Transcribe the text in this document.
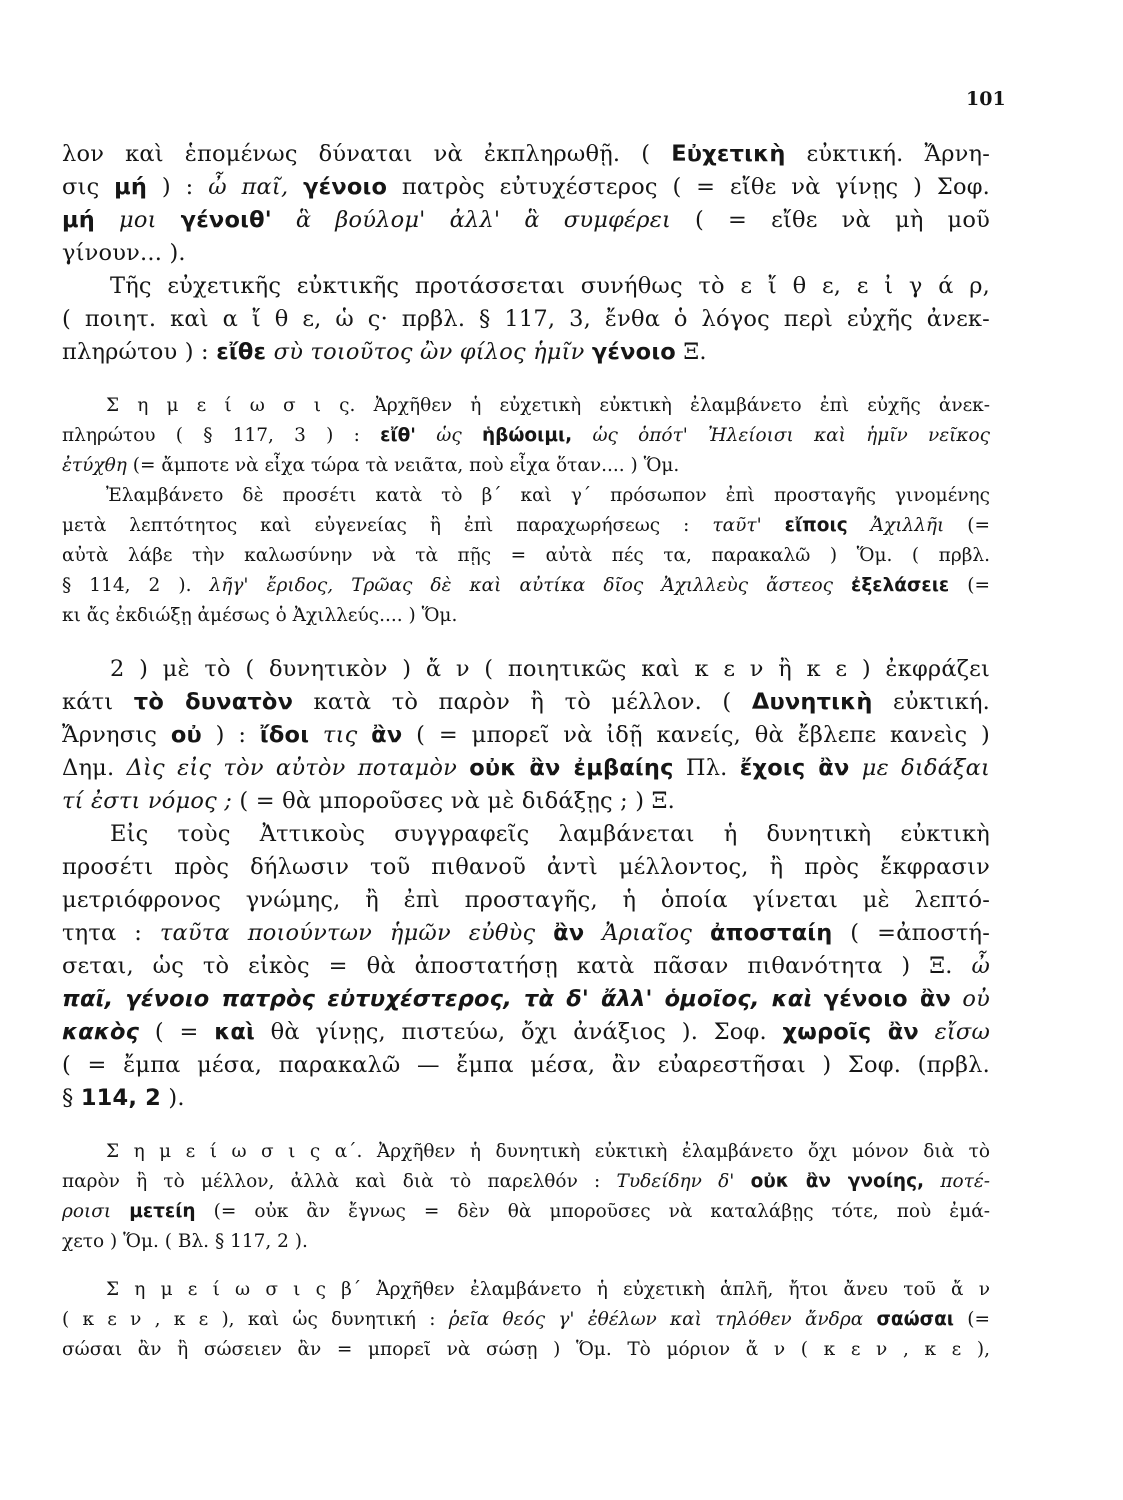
101
λον καὶ ἑπομένως δύναται νὰ ἐκπληρωθῇ. ( Εὐχετικὴ εὐκτική. Ἄρνη-
σις μή ) : ὦ παῖ, γένοιο πατρὸς εὐτυχέστερος ( = εἴθε νὰ γίνῃς ) Σοφ.
μή μοι γένοιθ' ἃ βούλομ' ἀλλ' ἃ συμφέρει ( = εἴθε νὰ μὴ μοῦ
γίνουν... ).
Τῆς εὐχετικῆς εὐκτικῆς προτάσσεται συνήθως τὸ ε ἴ θ ε, ε ἰ γ ά ρ,
( ποιητ. καὶ α ἴ θ ε, ὡ ς· πρβλ. § 117, 3, ἔνθα ὁ λόγος περὶ εὐχῆς ἀνεκ-
πληρώτου ) : εἴθε σὺ τοιοῦτος ὢν φίλος ἡμῖν γένοιο Ξ.
Σ η μ ε ί ω σ ι ς. Ἀρχῆθεν ἡ εὐχετικὴ εὐκτικὴ ἐλαμβάνετο ἐπὶ εὐχῆς ἀνεκ-
πληρώτου ( § 117, 3 ) : εἴθ' ὡς ἡβώοιμι, ὡς ὁπότ' Ἠλείοισι καὶ ἡμῖν νεῖκος
ἐτύχθη (= ἄμποτε νὰ εἶχα τώρα τὰ νειᾶτα, ποὺ εἶχα ὅταν.... ) Ὅμ.
Ἐλαμβάνετο δὲ προσέτι κατὰ τὸ β΄ καὶ γ΄ πρόσωπον ἐπὶ προσταγῆς γινομένης
μετὰ λεπτότητος καὶ εὐγενείας ἢ ἐπὶ παραχωρήσεως : ταῦτ' εἴποις Ἀχιλλῆι (=
αὐτὰ λάβε τὴν καλωσύνην νὰ τὰ πῇς = αὐτὰ πές τα, παρακαλῶ ) Ὅμ. ( πρβλ.
§ 114, 2 ). λῆγ' ἔριδος, Τρῶας δὲ καὶ αὐτίκα δῖος Ἀχιλλεὺς ἄστεος ἐξελάσειε (=
κι ἄς ἐκδιώξῃ ἀμέσως ὁ Ἀχιλλεύς.... ) Ὅμ.
2 ) μὲ τὸ ( δυνητικὸν ) ἄ ν ( ποιητικῶς καὶ κ ε ν ἢ κ ε ) ἐκφράζει
κάτι τὸ δυνατὸν κατὰ τὸ παρὸν ἢ τὸ μέλλον. ( Δυνητικὴ εὐκτική.
Ἄρνησις οὐ ) : ἴδοι τις ἂν ( = μπορεῖ νὰ ἰδῇ κανείς, θὰ ἔβλεπε κανεὶς )
Δημ. Δὶς εἰς τὸν αὐτὸν ποταμὸν οὐκ ἂν ἐμβαίης Πλ. ἔχοις ἂν με διδάξαι
τί ἐστι νόμος ; ( = θὰ μποροῦσες νὰ μὲ διδάξῃς ; ) Ξ.
Εἰς τοὺς Ἀττικοὺς συγγραφεῖς λαμβάνεται ἡ δυνητικὴ εὐκτικὴ
προσέτι πρὸς δήλωσιν τοῦ πιθανοῦ ἀντὶ μέλλοντος, ἢ πρὸς ἔκφρασιν
μετριόφρονος γνώμης, ἢ ἐπὶ προσταγῆς, ἡ ὁποία γίνεται μὲ λεπτό-
τητα : ταῦτα ποιούντων ἡμῶν εὐθὺς ἂν Ἀριαῖος ἀποσταίη ( =ἀποστή-
σεται, ὡς τὸ εἰκὸς = θὰ ἀποστατήσῃ κατὰ πᾶσαν πιθανότητα ) Ξ. ὦ
παῖ, γένοιο πατρὸς εὐτυχέστερος, τὰ δ' ἄλλ' ὁμοῖος, καὶ γένοιο ἂν οὐ
κακὸς ( = καὶ θὰ γίνῃς, πιστεύω, ὄχι ἀνάξιος ). Σοφ. χωροῖς ἂν εἴσω
( = ἔμπα μέσα, παρακαλῶ — ἔμπα μέσα, ἂν εὐαρεστῆσαι ) Σοφ. (πρβλ.
§ 114, 2 ).
Σ η μ ε ί ω σ ι ς α΄. Ἀρχῆθεν ἡ δυνητικὴ εὐκτικὴ ἐλαμβάνετο ὄχι μόνον διὰ τὸ
παρὸν ἢ τὸ μέλλον, ἀλλὰ καὶ διὰ τὸ παρελθόν : Τυδείδην δ' οὐκ ἂν γνοίης, ποτέ-
ροισι μετείη (= οὐκ ἂν ἔγνως = δὲν θὰ μποροῦσες νὰ καταλάβῃς τότε, ποὺ ἐμά-
χετο ) Ὅμ. ( Βλ. § 117, 2 ).
Σ η μ ε ί ω σ ι ς β΄ Ἀρχῆθεν ἐλαμβάνετο ἡ εὐχετικὴ ἁπλῆ, ἤτοι ἄνευ τοῦ ἄ ν
( κ ε ν , κ ε ), καὶ ὡς δυνητική : ῥεῖα θεός γ' ἐθέλων καὶ τηλόθεν ἄνδρα σαώσαι (=
σώσαι ἂν ἢ σώσειεν ἂν = μπορεῖ νὰ σώσῃ ) Ὅμ. Τὸ μόριον ἄ ν ( κ ε ν , κ ε ),
